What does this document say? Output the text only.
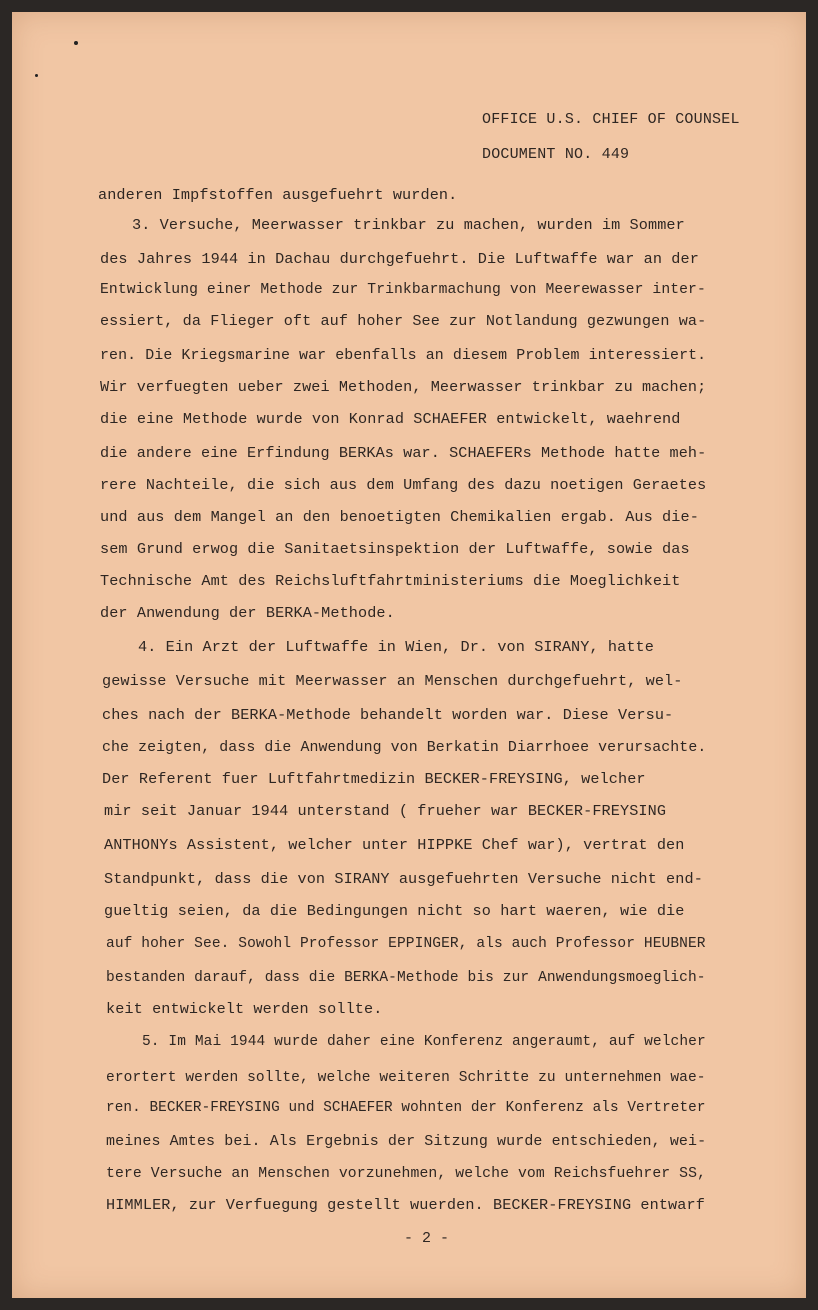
OFFICE U.S. CHIEF OF COUNSEL
DOCUMENT NO. 449
anderen Impfstoffen ausgefuehrt wurden.
3. Versuche, Meerwasser trinkbar zu machen, wurden im Sommer
des Jahres 1944 in Dachau durchgefuehrt. Die Luftwaffe war an der
Entwicklung einer Methode zur Trinkbarmachung von Meerewasser inter-
essiert, da Flieger oft auf hoher See zur Notlandung gezwungen wa-
ren. Die Kriegsmarine war ebenfalls an diesem Problem interessiert.
Wir verfuegten ueber zwei Methoden, Meerwasser trinkbar zu machen;
die eine Methode wurde von Konrad SCHAEFER entwickelt, waehrend
die andere eine Erfindung BERKAs war. SCHAEFERs Methode hatte meh-
rere Nachteile, die sich aus dem Umfang des dazu noetigen Geraetes
und aus dem Mangel an den benoetigten Chemikalien ergab. Aus die-
sem Grund erwog die Sanitaetsinspektion der Luftwaffe, sowie das
Technische Amt des Reichsluftfahrtministeriums die Moeglichkeit
der Anwendung der BERKA-Methode.
4. Ein Arzt der Luftwaffe in Wien, Dr. von SIRANY, hatte
gewisse Versuche mit Meerwasser an Menschen durchgefuehrt, wel-
ches nach der BERKA-Methode behandelt worden war. Diese Versu-
che zeigten, dass die Anwendung von Berkatin Diarrhoee verursachte.
Der Referent fuer Luftfahrtmedizin BECKER-FREYSING, welcher
mir seit Januar 1944 unterstand ( frueher war BECKER-FREYSING
ANTHONYs Assistent, welcher unter HIPPKE Chef war), vertrat den
Standpunkt, dass die von SIRANY ausgefuehrten Versuche nicht end-
gueltig seien, da die Bedingungen nicht so hart waeren, wie die
auf hoher See. Sowohl Professor EPPINGER, als auch Professor HEUBNER
bestanden darauf, dass die BERKA-Methode bis zur Anwendungsmoeglich-
keit entwickelt werden sollte.
5. Im Mai 1944 wurde daher eine Konferenz angeraumt, auf welcher
erortert werden sollte, welche weiteren Schritte zu unternehmen wae-
ren. BECKER-FREYSING und SCHAEFER wohnten der Konferenz als Vertreter
meines Amtes bei. Als Ergebnis der Sitzung wurde entschieden, wei-
tere Versuche an Menschen vorzunehmen, welche vom Reichsfuehrer SS,
HIMMLER, zur Verfuegung gestellt wuerden. BECKER-FREYSING entwarf
- 2 -
